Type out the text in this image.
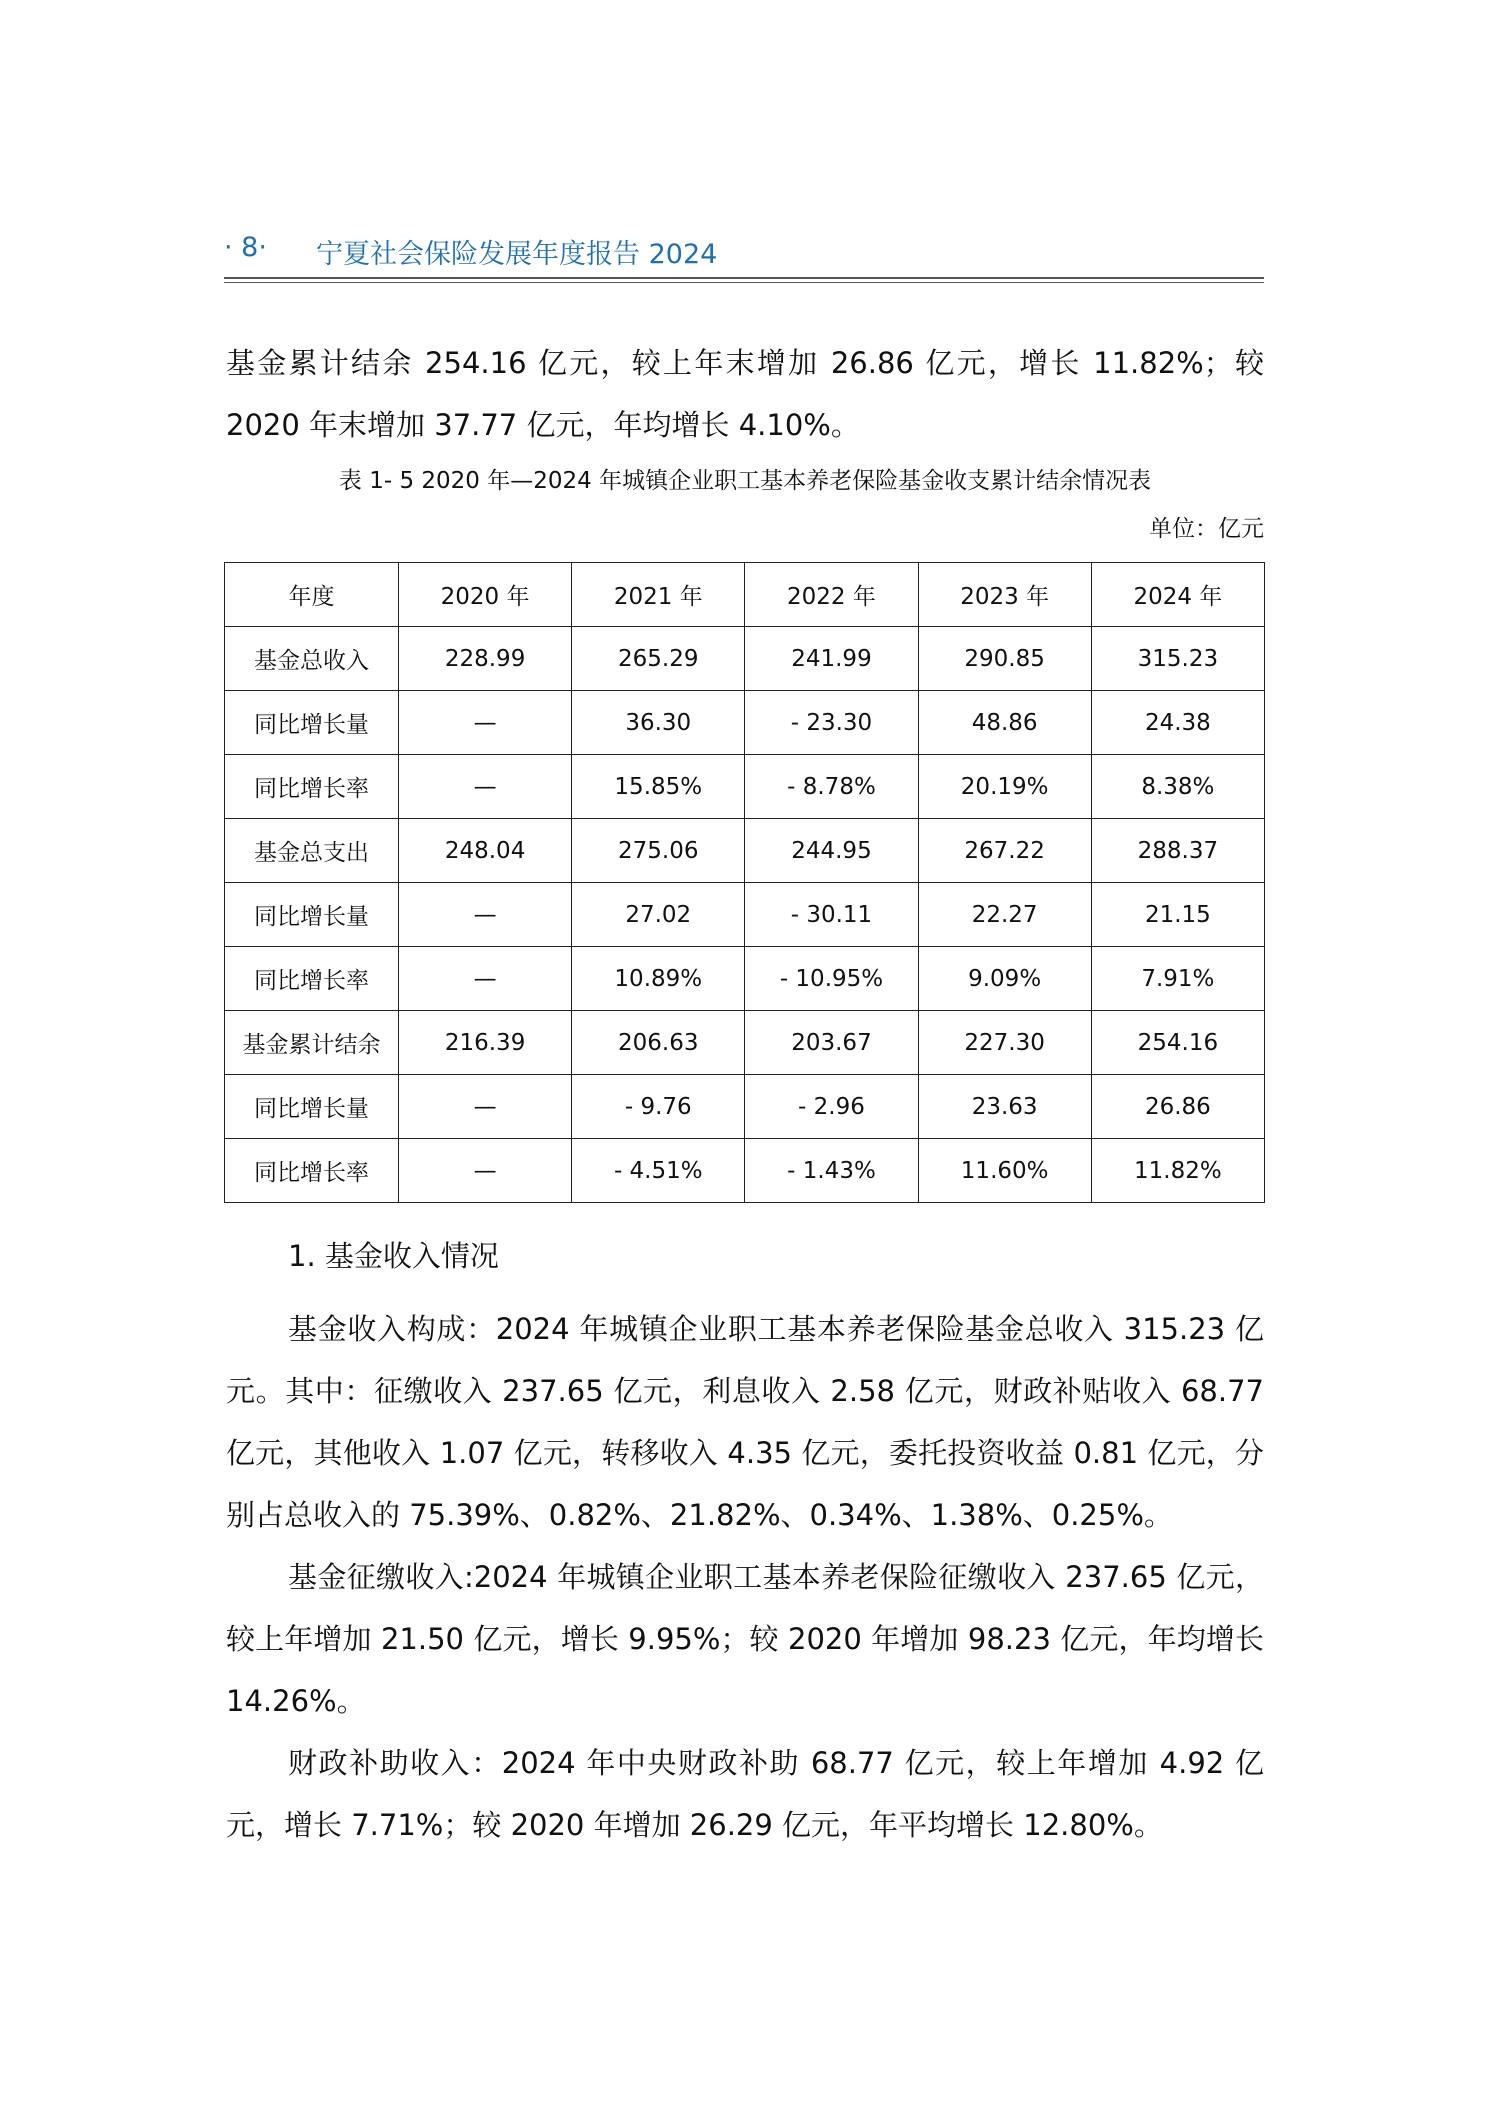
· 8· 宁夏社会保险发展年度报告 2024
基金累计结余 254.16 亿元，较上年末增加 26.86 亿元，增长 11.82%；较 2020 年末增加 37.77 亿元，年均增长 4.10%。
表 1- 5 2020 年—2024 年城镇企业职工基本养老保险基金收支累计结余情况表
单位：亿元
年度	2020 年	2021 年	2022 年	2023 年	2024 年
基金总收入	228.99	265.29	241.99	290.85	315.23
同比增长量	—	36.30	- 23.30	48.86	24.38
同比增长率	—	15.85%	- 8.78%	20.19%	8.38%
基金总支出	248.04	275.06	244.95	267.22	288.37
同比增长量	—	27.02	- 30.11	22.27	21.15
同比增长率	—	10.89%	- 10.95%	9.09%	7.91%
基金累计结余	216.39	206.63	203.67	227.30	254.16
同比增长量	—	- 9.76	- 2.96	23.63	26.86
同比增长率	—	- 4.51%	- 1.43%	11.60%	11.82%
1. 基金收入情况
基金收入构成：2024 年城镇企业职工基本养老保险基金总收入 315.23 亿元。其中：征缴收入 237.65 亿元，利息收入 2.58 亿元，财政补贴收入 68.77 亿元，其他收入 1.07 亿元，转移收入 4.35 亿元，委托投资收益 0.81 亿元，分别占总收入的 75.39%、0.82%、21.82%、0.34%、1.38%、0.25%。
基金征缴收入:2024 年城镇企业职工基本养老保险征缴收入 237.65 亿元，较上年增加 21.50 亿元，增长 9.95%；较 2020 年增加 98.23 亿元，年均增长 14.26%。
财政补助收入：2024 年中央财政补助 68.77 亿元，较上年增加 4.92 亿元，增长 7.71%；较 2020 年增加 26.29 亿元，年平均增长 12.80%。
